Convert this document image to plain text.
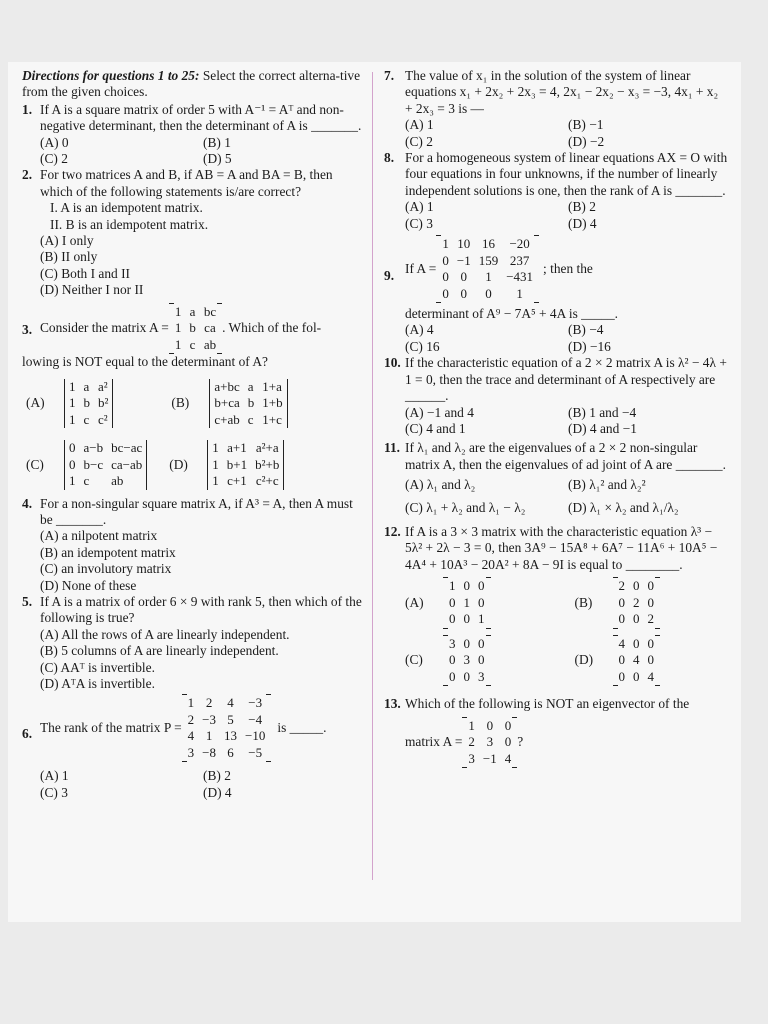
Directions for questions 1 to 25: Select the correct alterna-tive from the given choices.

1. If A is a square matrix of order 5 with A⁻¹ = Aᵀ and non-negative determinant, then the determinant of A is _______.

(A) 0	(B) 1
(C) 2	(D) 5
2. For two matrices A and B, if AB = A and BA = B, then which of the following statements is/are correct?

I. A is an idempotent matrix.

II. B is an idempotent matrix.

(A) I only

(B) II only

(C) Both I and II

(D) Neither I nor II

3. Consider the matrix A =
1	a	bc
1	b	ca
1	c	ab
. Which of the fol-

lowing is NOT equal to the determinant of A?

(A)
1	a	a²
1	b	b²
1	c	c²
(B)
a+bc	a	1+a
b+ca	b	1+b
c+ab	c	1+c
(C)
0	a−b	bc−ac
0	b−c	ca−ab
1	c	ab
(D)
1	a+1	a²+a
1	b+1	b²+b
1	c+1	c²+c
4. For a non-singular square matrix A, if A³ = A, then A must be _______.

(A) a nilpotent matrix

(B) an idempotent matrix

(C) an involutory matrix

(D) None of these

5. If A is a matrix of order 6 × 9 with rank 5, then which of the following is true?

(A) All the rows of A are linearly independent.

(B) 5 columns of A are linearly independent.

(C) AAᵀ is invertible.

(D) AᵀA is invertible.

6. The rank of the matrix P =
1	2	4	−3
2	−3	5	−4
4	1	13	−10
3	−8	6	−5
is _____.
(A) 1	(B) 2
(C) 3	(D) 4
7. The value of x₁ in the solution of the system of linear equations x₁ + 2x₂ + 2x₃ = 4, 2x₁ − 2x₂ − x₃ = −3, 4x₁ + x₂ + 2x₃ = 3 is —

(A) 1	(B) −1
(C) 2	(D) −2
8. For a homogeneous system of linear equations AX = O with four equations in four unknowns, if the number of linearly independent solutions is one, then the rank of A is _______.

(A) 1	(B) 2
(C) 3	(D) 4
9. If A =
1	10	16	−20
0	−1	159	237
0	0	1	−431
0	0	0	1
; then the

determinant of A⁹ − 7A⁵ + 4A is _____.

(A) 4	(B) −4
(C) 16	(D) −16
10. If the characteristic equation of a 2 × 2 matrix A is λ² − 4λ + 1 = 0, then the trace and determinant of A respectively are ______.

(A) −1 and 4	(B) 1 and −4
(C) 4 and 1	(D) 4 and −1
11. If λ₁ and λ₂ are the eigenvalues of a 2 × 2 non-singular matrix A, then the eigenvalues of ad joint of A are _______.

(A) λ₁ and λ₂	(B) λ₁² and λ₂²
(C) λ₁ + λ₂ and λ₁ − λ₂	(D) λ₁ × λ₂ and λ₁/λ₂
12. If A is a 3 × 3 matrix with the characteristic equation λ³ − 5λ² + 2λ − 3 = 0, then 3A⁹ − 15A⁸ + 6A⁷ − 11A⁶ + 10A⁵ − 4A⁴ + 10A³ − 20A² + 8A − 9I is equal to ________.

(A)
1	0	0
0	1	0
0	0	1
(B)
2	0	0
0	2	0
0	0	2
(C)
3	0	0
0	3	0
0	0	3
(D)
4	0	0
0	4	0
0	0	4
13. Which of the following is NOT an eigenvector of the

matrix A =
1	0	0
2	3	0
3	−1	4
?
